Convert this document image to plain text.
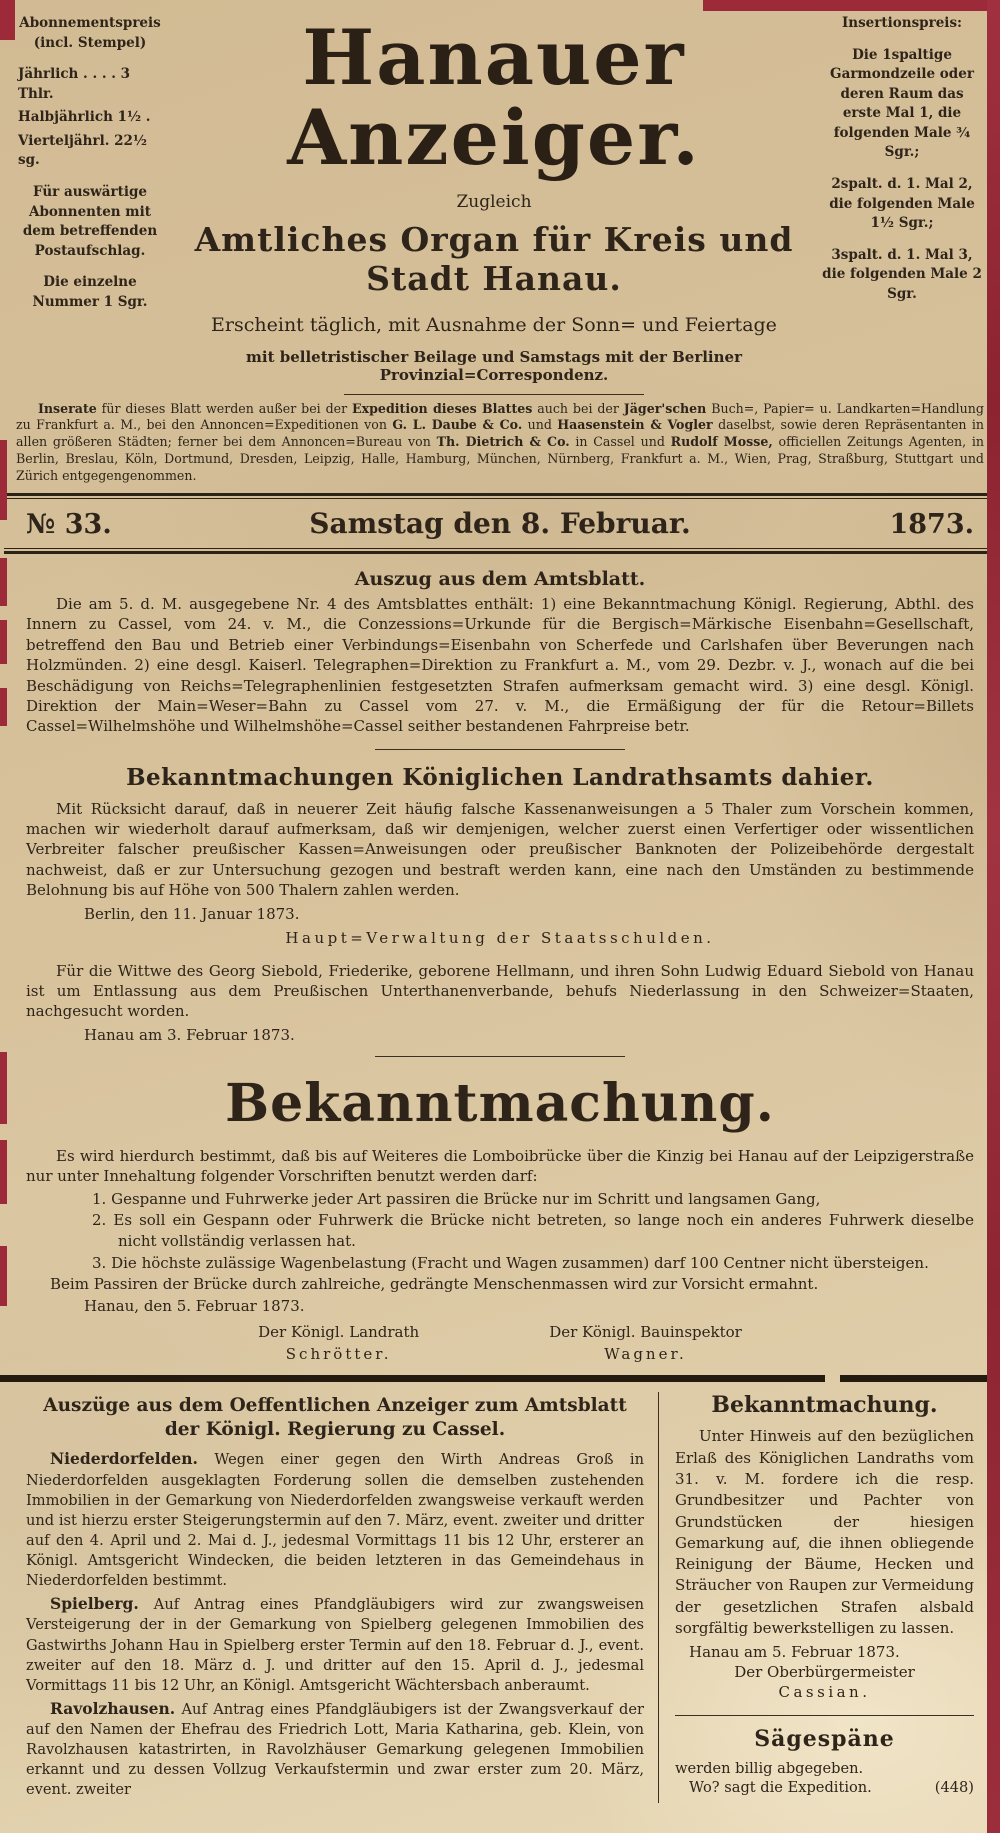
Abonnementspreis
(incl. Stempel)
Jährlich . . . . 3 Thlr.
Halbjährlich 1½ .
Vierteljährl. 22½ sg.
Für auswärtige Abonnenten mit dem betreffenden Postaufschlag.
Die einzelne Nummer 1 Sgr.
Hanauer Anzeiger.
Zugleich
Amtliches Organ für Kreis und Stadt Hanau.
Erscheint täglich, mit Ausnahme der Sonn= und Feiertage
mit belletristischer Beilage und Samstags mit der Berliner Provinzial=Correspondenz.
Insertionspreis:
Die 1spaltige Garmondzeile oder deren Raum das erste Mal 1, die folgenden Male ¾ Sgr.;
2spalt. d. 1. Mal 2, die folgenden Male 1½ Sgr.;
3spalt. d. 1. Mal 3, die folgenden Male 2 Sgr.
Inserate für dieses Blatt werden außer bei der Expedition dieses Blattes auch bei der Jäger'schen Buch=, Papier= u. Landkarten=Handlung zu Frankfurt a. M., bei den Annoncen=Expeditionen von G. L. Daube & Co. und Haasenstein & Vogler daselbst, sowie deren Repräsentanten in allen größeren Städten; ferner bei dem Annoncen=Bureau von Th. Dietrich & Co. in Cassel und Rudolf Mosse, officiellen Zeitungs Agenten, in Berlin, Breslau, Köln, Dortmund, Dresden, Leipzig, Halle, Hamburg, München, Nürnberg, Frankfurt a. M., Wien, Prag, Straßburg, Stuttgart und Zürich entgegengenommen.
№ 33.	Samstag den 8. Februar.	1873.
Auszug aus dem Amtsblatt.

Die am 5. d. M. ausgegebene Nr. 4 des Amtsblattes enthält: 1) eine Bekanntmachung Königl. Regierung, Abthl. des Innern zu Cassel, vom 24. v. M., die Conzessions=Urkunde für die Bergisch=Märkische Eisenbahn=Gesellschaft, betreffend den Bau und Betrieb einer Verbindungs=Eisenbahn von Scherfede und Carlshafen über Beverungen nach Holzmünden. 2) eine desgl. Kaiserl. Telegraphen=Direktion zu Frankfurt a. M., vom 29. Dezbr. v. J., wonach auf die bei Beschädigung von Reichs=Telegraphenlinien festgesetzten Strafen aufmerksam gemacht wird. 3) eine desgl. Königl. Direktion der Main=Weser=Bahn zu Cassel vom 27. v. M., die Ermäßigung der für die Retour=Billets Cassel=Wilhelmshöhe und Wilhelmshöhe=Cassel seither bestandenen Fahrpreise betr.

Bekanntmachungen Königlichen Landrathsamts dahier.

Mit Rücksicht darauf, daß in neuerer Zeit häufig falsche Kassenanweisungen a 5 Thaler zum Vorschein kommen, machen wir wiederholt darauf aufmerksam, daß wir demjenigen, welcher zuerst einen Verfertiger oder wissentlichen Verbreiter falscher preußischer Kassen=Anweisungen oder preußischer Banknoten der Polizeibehörde dergestalt nachweist, daß er zur Untersuchung gezogen und bestraft werden kann, eine nach den Umständen zu bestimmende Belohnung bis auf Höhe von 500 Thalern zahlen werden.

Berlin, den 11. Januar 1873.
Haupt=Verwaltung der Staatsschulden.

Für die Wittwe des Georg Siebold, Friederike, geborene Hellmann, und ihren Sohn Ludwig Eduard Siebold von Hanau ist um Entlassung aus dem Preußischen Unterthanenverbande, behufs Niederlassung in den Schweizer=Staaten, nachgesucht worden.

Hanau am 3. Februar 1873.
Bekanntmachung.

Es wird hierdurch bestimmt, daß bis auf Weiteres die Lomboibrücke über die Kinzig bei Hanau auf der Leipzigerstraße nur unter Innehaltung folgender Vorschriften benutzt werden darf:

1. Gespanne und Fuhrwerke jeder Art passiren die Brücke nur im Schritt und langsamen Gang,
2. Es soll ein Gespann oder Fuhrwerk die Brücke nicht betreten, so lange noch ein anderes Fuhrwerk dieselbe nicht vollständig verlassen hat.
3. Die höchste zulässige Wagenbelastung (Fracht und Wagen zusammen) darf 100 Centner nicht übersteigen.
Beim Passiren der Brücke durch zahlreiche, gedrängte Menschenmassen wird zur Vorsicht ermahnt.
Hanau, den 5. Februar 1873.
Der Königl. Landrath
Schrötter.
Der Königl. Bauinspektor
Wagner.
Auszüge aus dem Oeffentlichen Anzeiger zum Amtsblatt
der Königl. Regierung zu Cassel.

Niederdorfelden. Wegen einer gegen den Wirth Andreas Groß in Niederdorfelden ausgeklagten Forderung sollen die demselben zustehenden Immobilien in der Gemarkung von Niederdorfelden zwangsweise verkauft werden und ist hierzu erster Steigerungstermin auf den 7. März, event. zweiter und dritter auf den 4. April und 2. Mai d. J., jedesmal Vormittags 11 bis 12 Uhr, ersterer an Königl. Amtsgericht Windecken, die beiden letzteren in das Gemeindehaus in Niederdorfelden bestimmt.

Spielberg. Auf Antrag eines Pfandgläubigers wird zur zwangsweisen Versteigerung der in der Gemarkung von Spielberg gelegenen Immobilien des Gastwirths Johann Hau in Spielberg erster Termin auf den 18. Februar d. J., event. zweiter auf den 18. März d. J. und dritter auf den 15. April d. J., jedesmal Vormittags 11 bis 12 Uhr, an Königl. Amtsgericht Wächtersbach anberaumt.

Ravolzhausen. Auf Antrag eines Pfandgläubigers ist der Zwangsverkauf der auf den Namen der Ehefrau des Friedrich Lott, Maria Katharina, geb. Klein, von Ravolzhausen katastrirten, in Ravolzhäuser Gemarkung gelegenen Immobilien erkannt und zu dessen Vollzug Verkaufstermin und zwar erster zum 20. März, event. zweiter

Bekanntmachung.

Unter Hinweis auf den bezüglichen Erlaß des Königlichen Landraths vom 31. v. M. fordere ich die resp. Grundbesitzer und Pachter von Grundstücken der hiesigen Gemarkung auf, die ihnen obliegende Reinigung der Bäume, Hecken und Sträucher von Raupen zur Vermeidung der gesetzlichen Strafen alsbald sorgfältig bewerkstelligen zu lassen.

Hanau am 5. Februar 1873.
Der Oberbürgermeister
Cassian.
Sägespäne
werden billig abgegeben.
Wo? sagt die Expedition.	(448)
